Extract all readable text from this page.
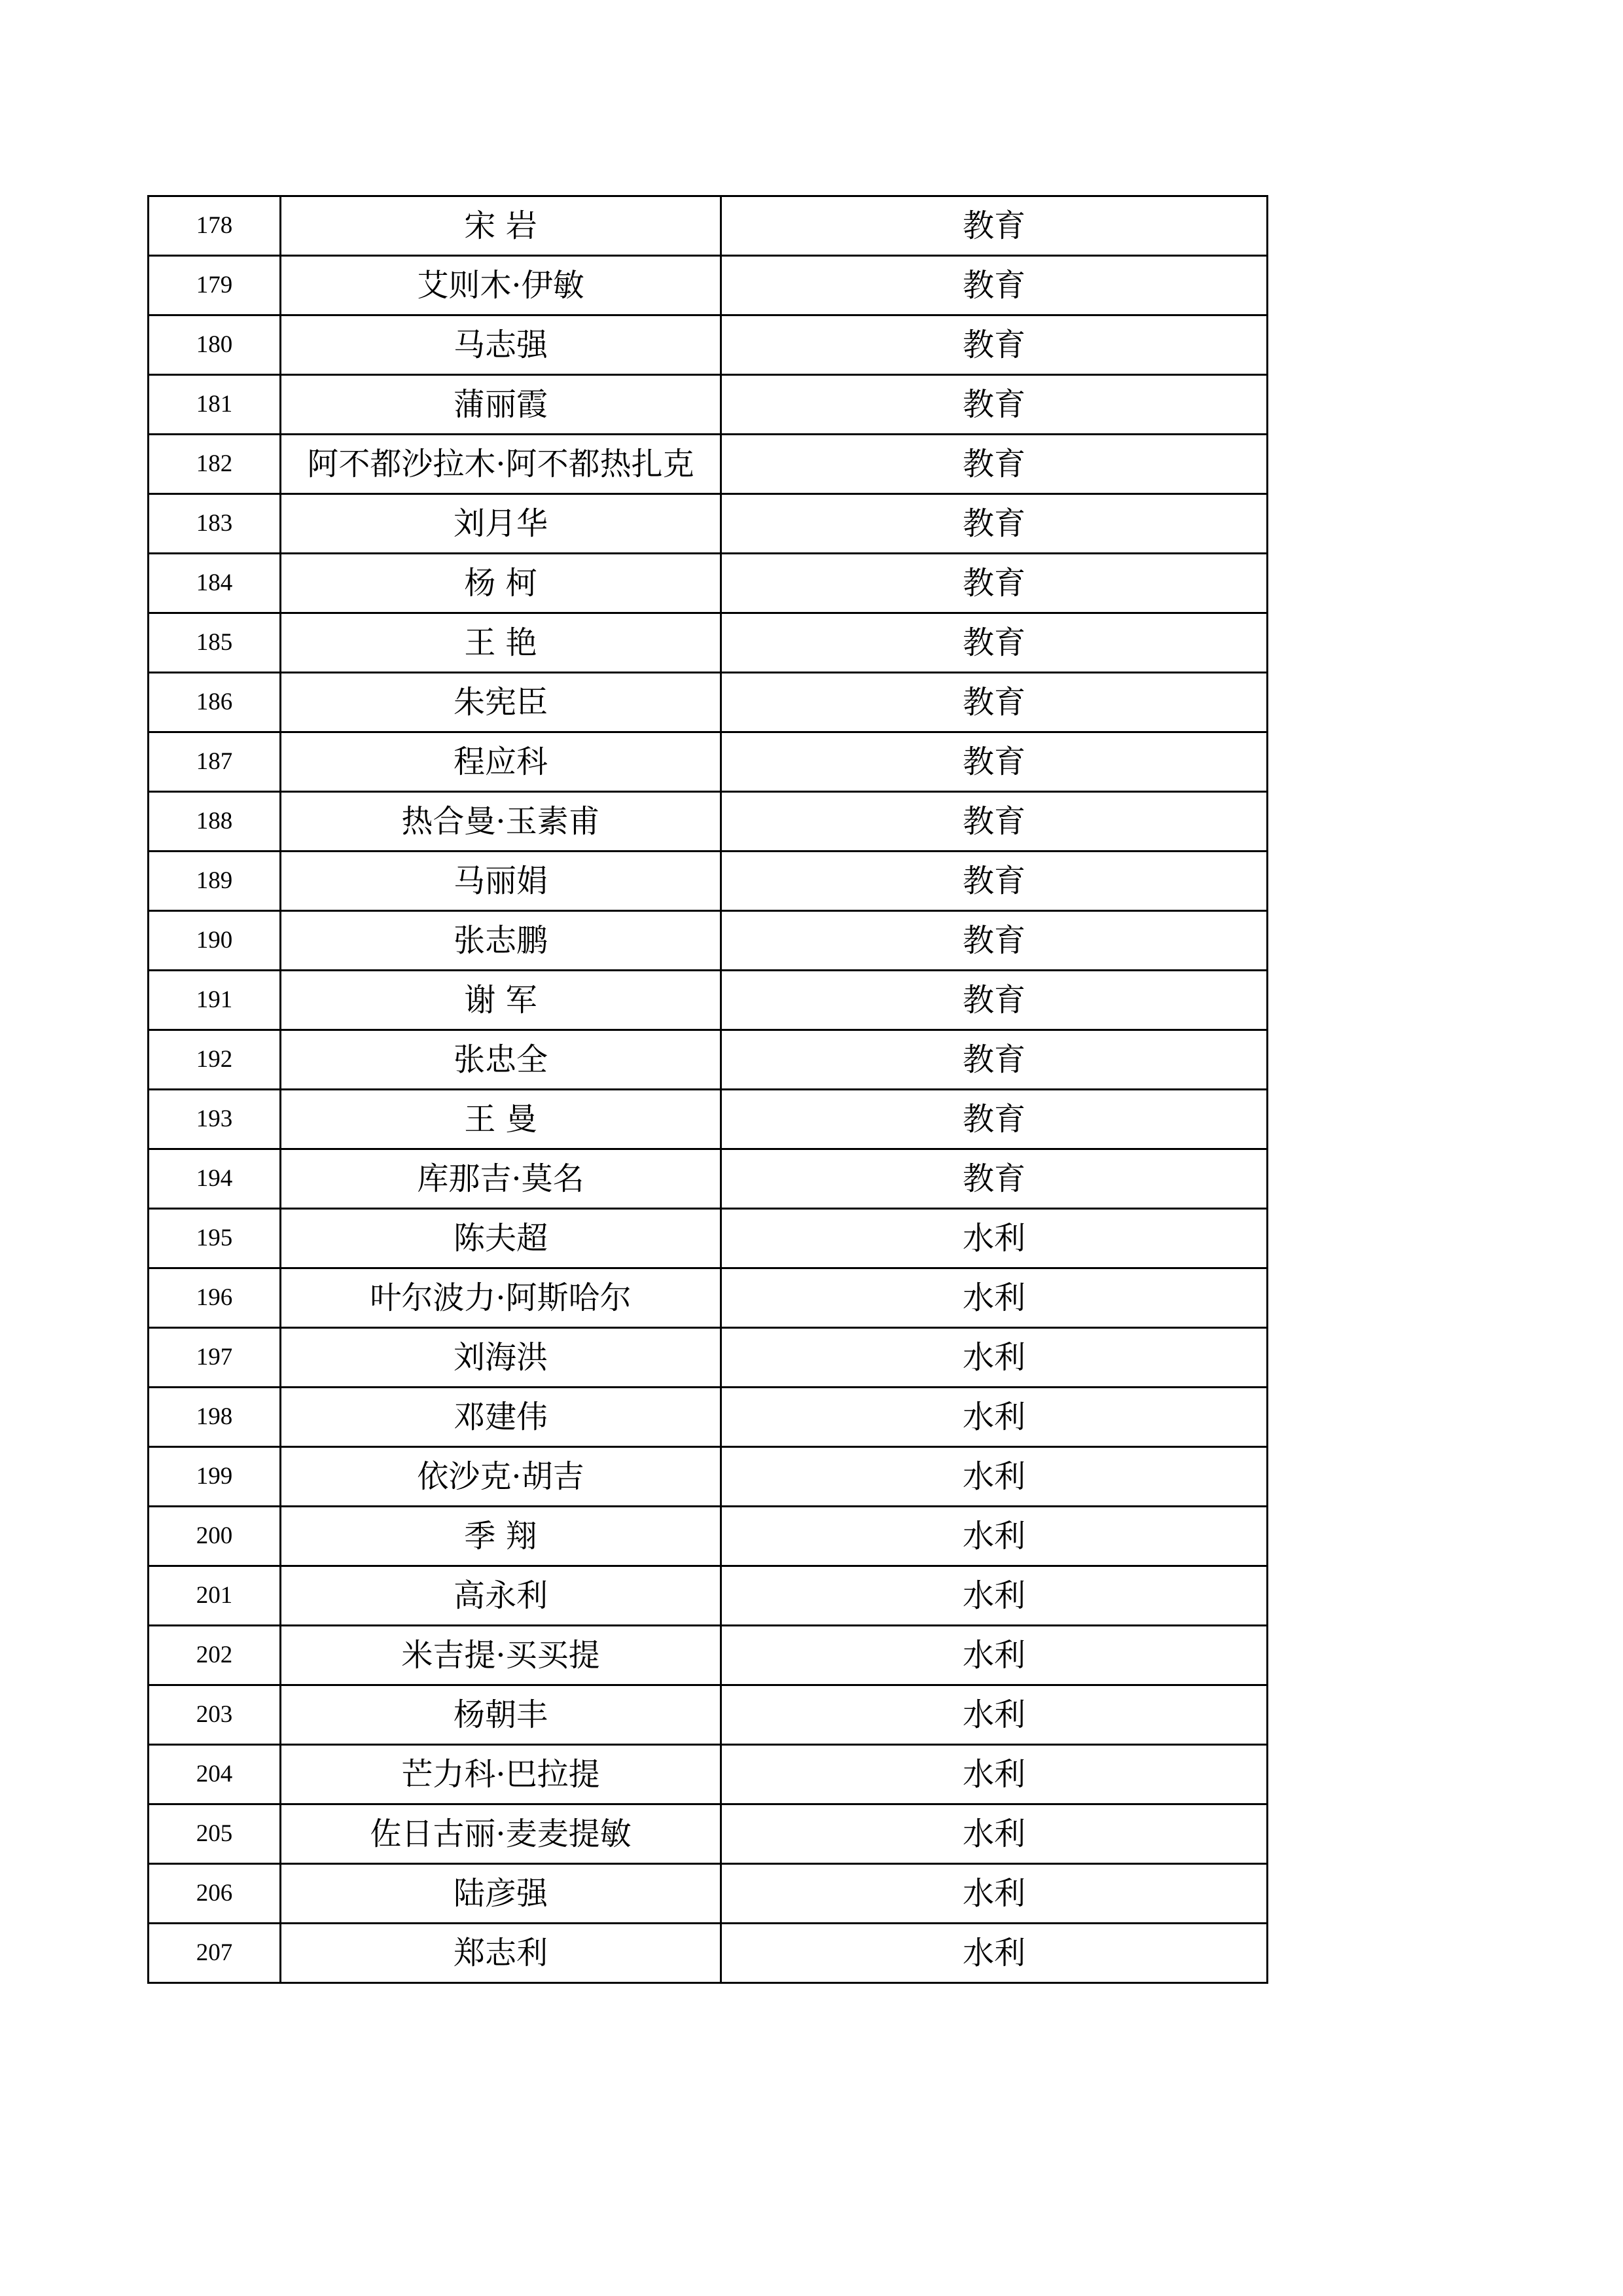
178	宋 岩	教育
179	艾则木·伊敏	教育
180	马志强	教育
181	蒲丽霞	教育
182	阿不都沙拉木·阿不都热扎克	教育
183	刘月华	教育
184	杨 柯	教育
185	王 艳	教育
186	朱宪臣	教育
187	程应科	教育
188	热合曼·玉素甫	教育
189	马丽娟	教育
190	张志鹏	教育
191	谢 军	教育
192	张忠全	教育
193	王 曼	教育
194	库那吉·莫名	教育
195	陈夫超	水利
196	叶尔波力·阿斯哈尔	水利
197	刘海洪	水利
198	邓建伟	水利
199	依沙克·胡吉	水利
200	季 翔	水利
201	高永利	水利
202	米吉提·买买提	水利
203	杨朝丰	水利
204	芒力科·巴拉提	水利
205	佐日古丽·麦麦提敏	水利
206	陆彦强	水利
207	郑志利	水利
